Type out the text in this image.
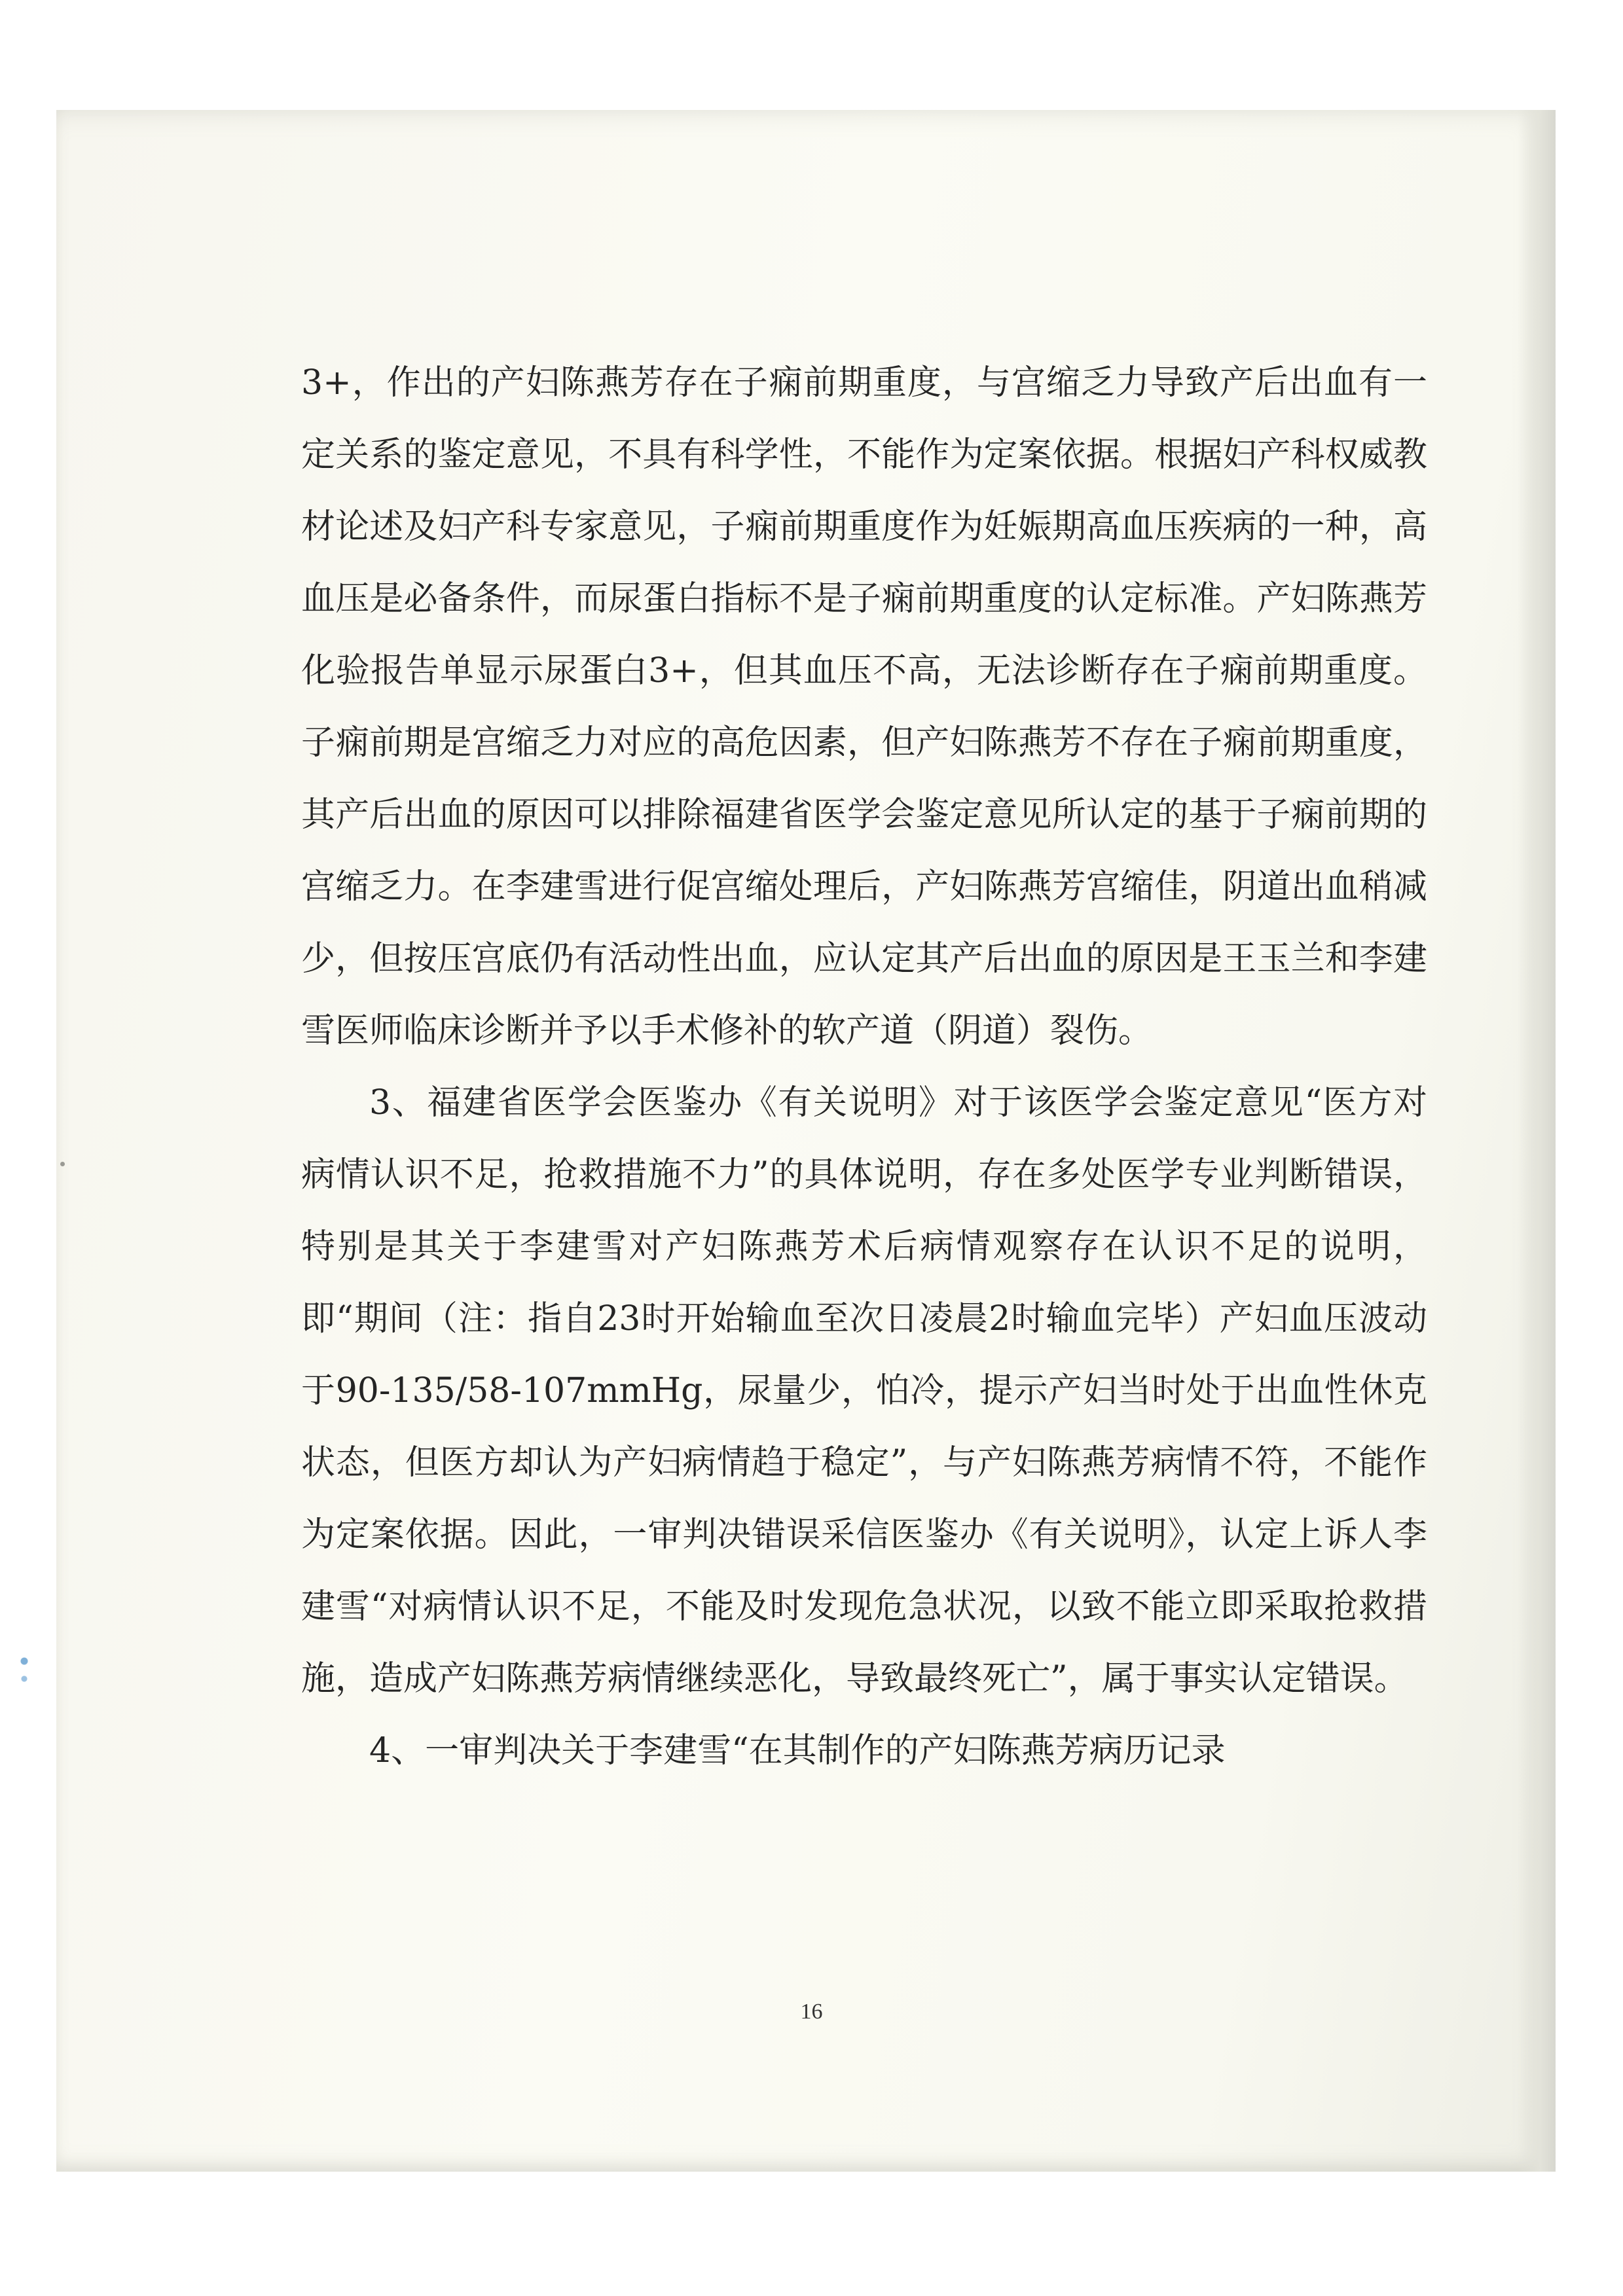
3+，作出的产妇陈燕芳存在子痫前期重度，与宫缩乏力导致产后出血有一定关系的鉴定意见，不具有科学性，不能作为定案依据。根据妇产科权威教材论述及妇产科专家意见，子痫前期重度作为妊娠期高血压疾病的一种，高血压是必备条件，而尿蛋白指标不是子痫前期重度的认定标准。产妇陈燕芳化验报告单显示尿蛋白3+，但其血压不高，无法诊断存在子痫前期重度。子痫前期是宫缩乏力对应的高危因素，但产妇陈燕芳不存在子痫前期重度，其产后出血的原因可以排除福建省医学会鉴定意见所认定的基于子痫前期的宫缩乏力。在李建雪进行促宫缩处理后，产妇陈燕芳宫缩佳，阴道出血稍减少，但按压宫底仍有活动性出血，应认定其产后出血的原因是王玉兰和李建雪医师临床诊断并予以手术修补的软产道（阴道）裂伤。

3、福建省医学会医鉴办《有关说明》对于该医学会鉴定意见“医方对病情认识不足，抢救措施不力”的具体说明，存在多处医学专业判断错误，特别是其关于李建雪对产妇陈燕芳术后病情观察存在认识不足的说明，即“期间（注：指自23时开始输血至次日凌晨2时输血完毕）产妇血压波动于90-135/58-107mmHg，尿量少，怕冷，提示产妇当时处于出血性休克状态，但医方却认为产妇病情趋于稳定”，与产妇陈燕芳病情不符，不能作为定案依据。因此，一审判决错误采信医鉴办《有关说明》，认定上诉人李建雪“对病情认识不足，不能及时发现危急状况，以致不能立即采取抢救措施，造成产妇陈燕芳病情继续恶化，导致最终死亡”，属于事实认定错误。

4、一审判决关于李建雪“在其制作的产妇陈燕芳病历记录

16
